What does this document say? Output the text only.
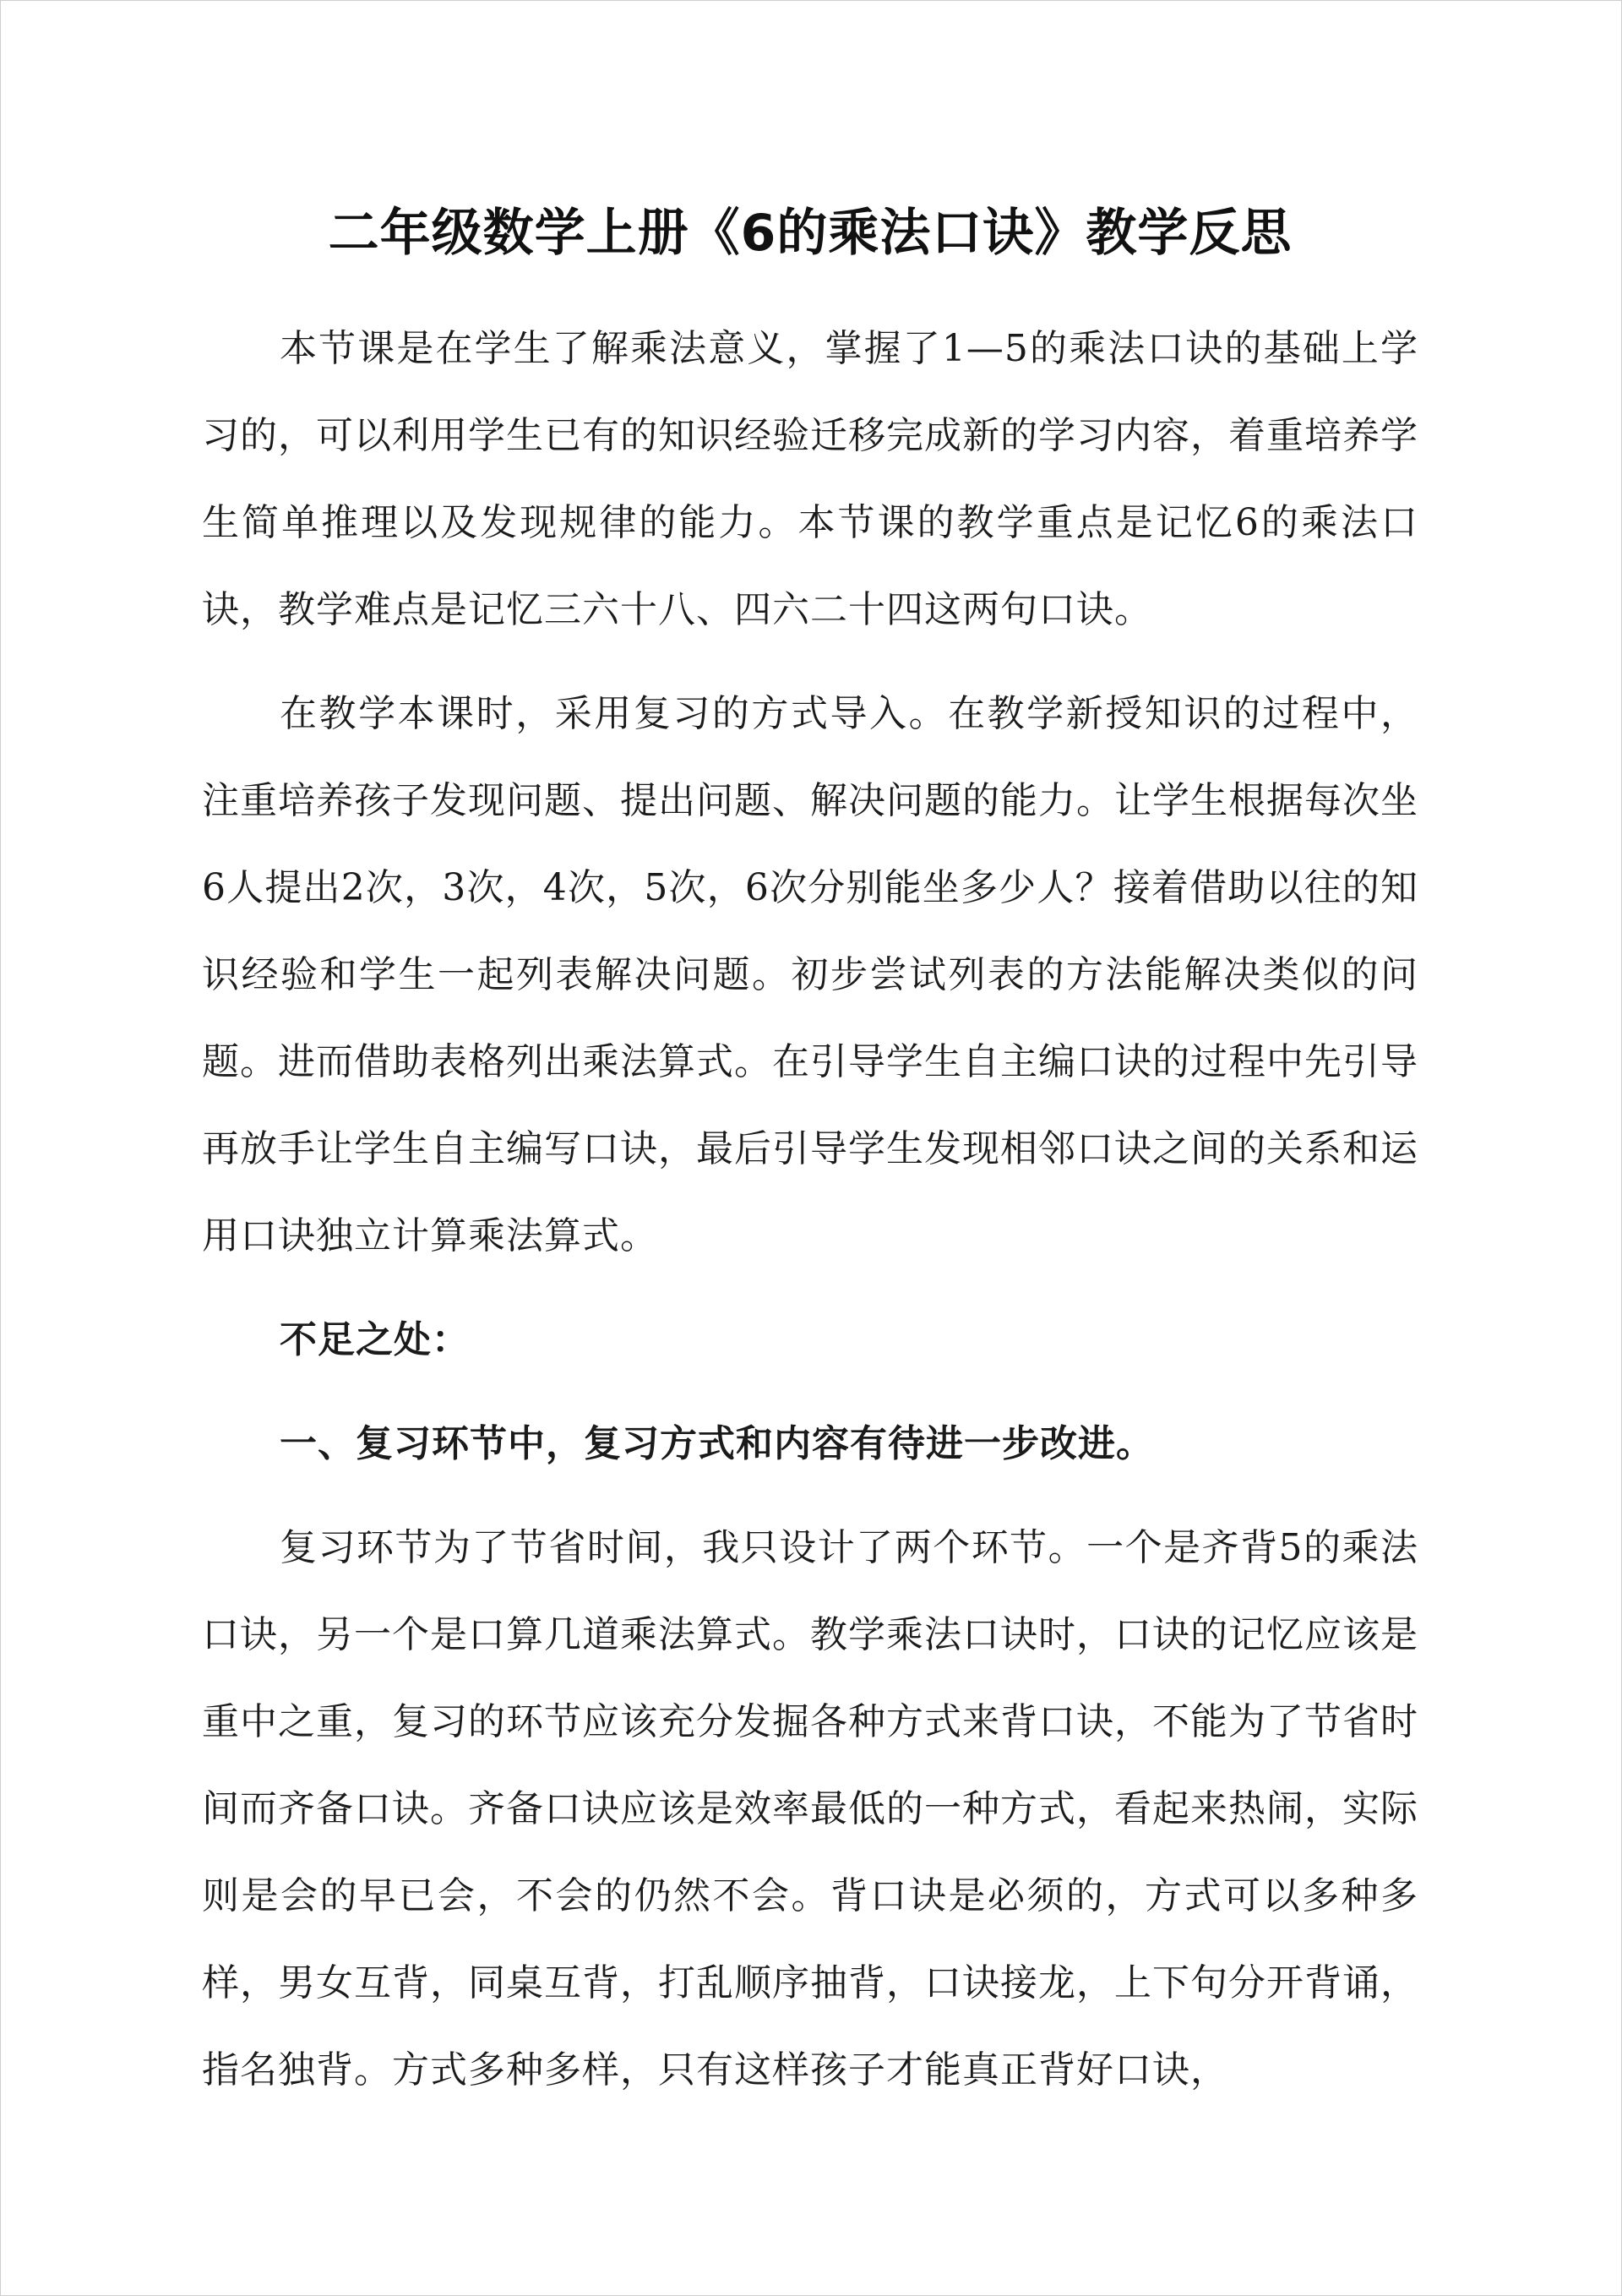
二年级数学上册《6的乘法口诀》教学反思

本节课是在学生了解乘法意义，掌握了1—5的乘法口诀的基础上学习的，可以利用学生已有的知识经验迁移完成新的学习内容，着重培养学生简单推理以及发现规律的能力。本节课的教学重点是记忆6的乘法口诀，教学难点是记忆三六十八、四六二十四这两句口诀。

在教学本课时，采用复习的方式导入。在教学新授知识的过程中，注重培养孩子发现问题、提出问题、解决问题的能力。让学生根据每次坐6人提出2次，3次，4次，5次，6次分别能坐多少人？接着借助以往的知识经验和学生一起列表解决问题。初步尝试列表的方法能解决类似的问题。进而借助表格列出乘法算式。在引导学生自主编口诀的过程中先引导再放手让学生自主编写口诀，最后引导学生发现相邻口诀之间的关系和运用口诀独立计算乘法算式。

不足之处：

一、复习环节中，复习方式和内容有待进一步改进。

复习环节为了节省时间，我只设计了两个环节。一个是齐背5的乘法口诀，另一个是口算几道乘法算式。教学乘法口诀时，口诀的记忆应该是重中之重，复习的环节应该充分发掘各种方式来背口诀，不能为了节省时间而齐备口诀。齐备口诀应该是效率最低的一种方式，看起来热闹，实际则是会的早已会，不会的仍然不会。背口诀是必须的，方式可以多种多样，男女互背，同桌互背，打乱顺序抽背，口诀接龙，上下句分开背诵，指名独背。方式多种多样，只有这样孩子才能真正背好口诀，
